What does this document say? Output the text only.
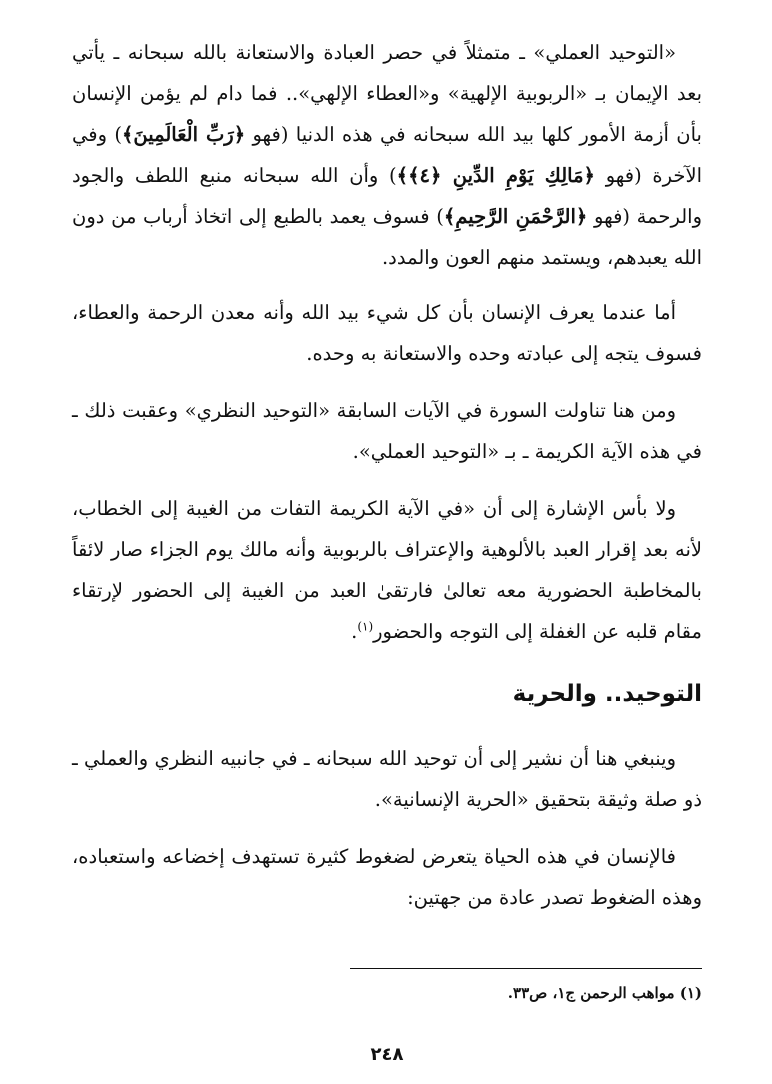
«التوحيد العملي» ـ متمثلاً في حصر العبادة والاستعانة بالله سبحانه ـ يأتي بعد الإيمان بـ «الربوبية الإلهية» و«العطاء الإلهي».. فما دام لم يؤمن الإنسان بأن أزمة الأمور كلها بيد الله سبحانه في هذه الدنيا (فهو ﴿رَبِّ الْعَالَمِينَ﴾) وفي الآخرة (فهو ﴿مَالِكِ يَوْمِ الدِّينِ ﴿٤﴾﴾) وأن الله سبحانه منبع اللطف والجود والرحمة (فهو ﴿الرَّحْمَنِ الرَّحِيمِ﴾) فسوف يعمد بالطبع إلى اتخاذ أرباب من دون الله يعبدهم، ويستمد منهم العون والمدد.

أما عندما يعرف الإنسان بأن كل شيء بيد الله وأنه معدن الرحمة والعطاء، فسوف يتجه إلى عبادته وحده والاستعانة به وحده.

ومن هنا تناولت السورة في الآيات السابقة «التوحيد النظري» وعقبت ذلك ـ في هذه الآية الكريمة ـ بـ «التوحيد العملي».

ولا بأس الإشارة إلى أن «في الآية الكريمة التفات من الغيبة إلى الخطاب، لأنه بعد إقرار العبد بالألوهية والإعتراف بالربوبية وأنه مالك يوم الجزاء صار لائقاً بالمخاطبة الحضورية معه تعالىٰ فارتقىٰ العبد من الغيبة إلى الحضور لإرتقاء مقام قلبه عن الغفلة إلى التوجه والحضور$^{(١)}$.

التوحيد.. والحرية

وينبغي هنا أن نشير إلى أن توحيد الله سبحانه ـ في جانبيه النظري والعملي ـ ذو صلة وثيقة بتحقيق «الحرية الإنسانية».

فالإنسان في هذه الحياة يتعرض لضغوط كثيرة تستهدف إخضاعه واستعباده، وهذه الضغوط تصدر عادة من جهتين:

(١) مواهب الرحمن ج١، ص٣٣.
٢٤٨
